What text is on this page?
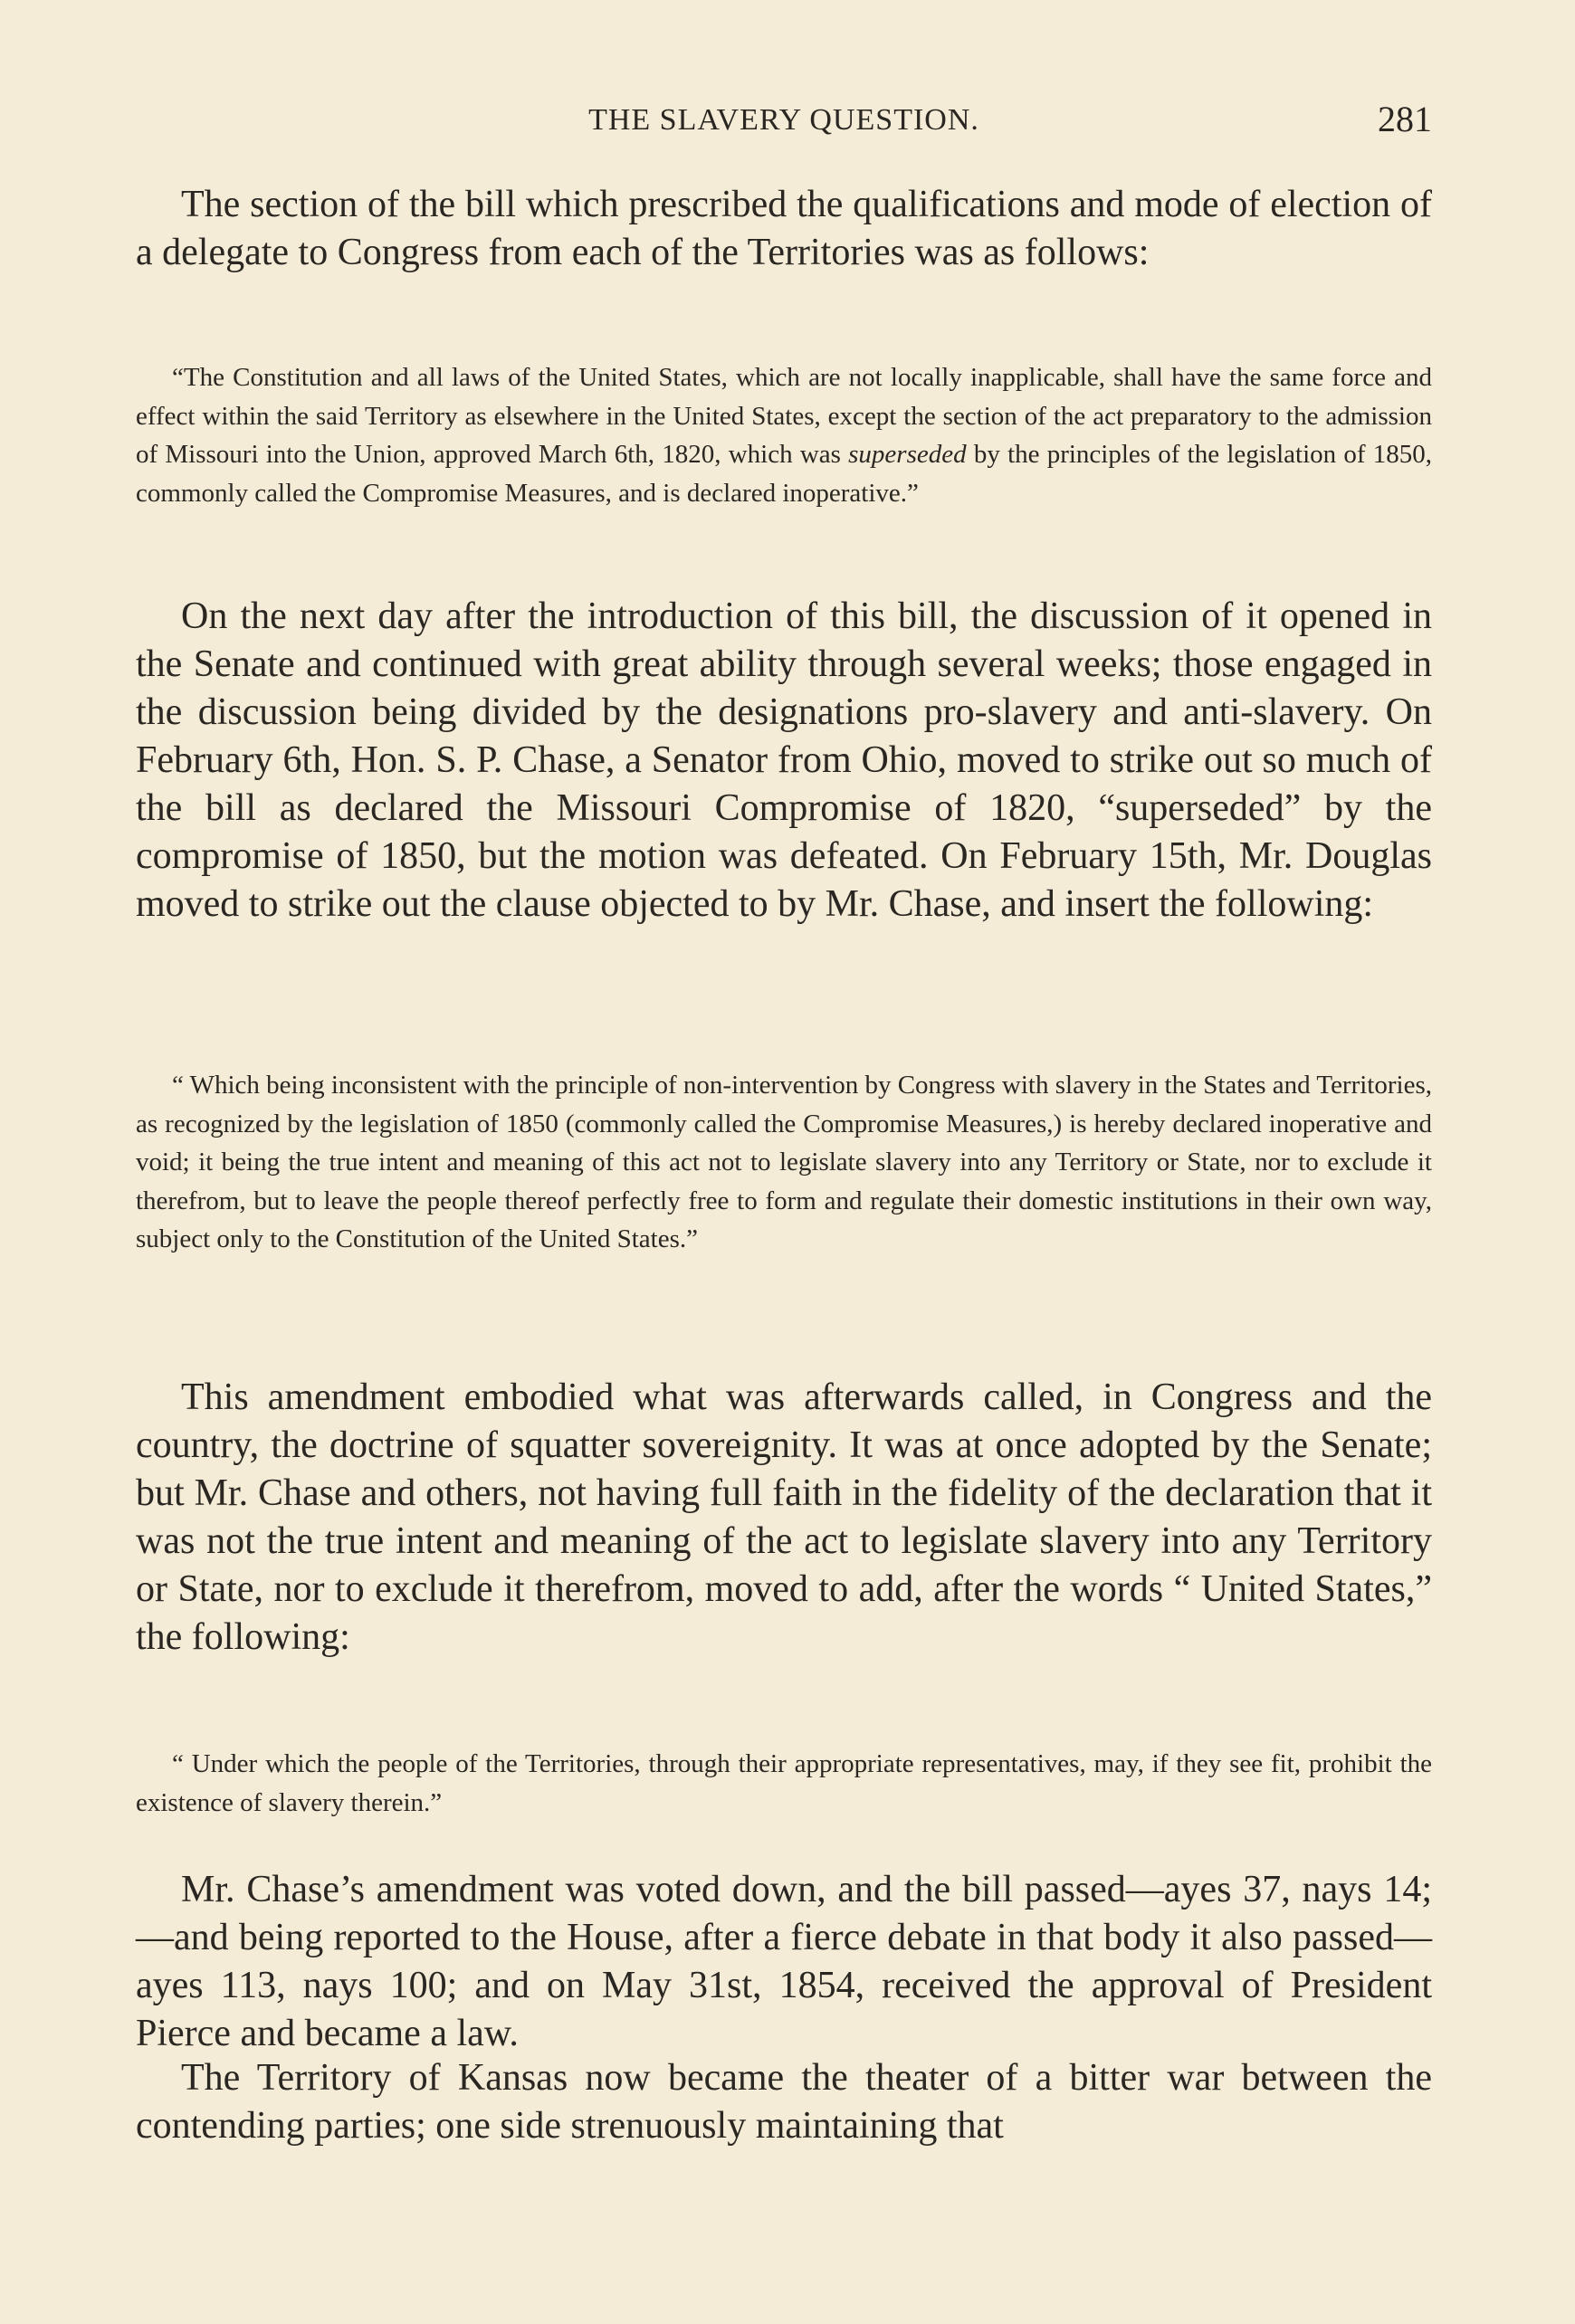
THE SLAVERY QUESTION.	281

The section of the bill which prescribed the qualifications and mode of election of a delegate to Congress from each of the Territories was as follows:

“The Constitution and all laws of the United States, which are not locally inapplicable, shall have the same force and effect within the said Territory as elsewhere in the United States, except the section of the act preparatory to the admission of Missouri into the Union, approved March 6th, 1820, which was superseded by the principles of the legislation of 1850, commonly called the Compromise Measures, and is declared inoperative.”

On the next day after the introduction of this bill, the discussion of it opened in the Senate and continued with great ability through several weeks; those engaged in the discussion being divided by the designations pro-slavery and anti-slavery. On February 6th, Hon. S. P. Chase, a Senator from Ohio, moved to strike out so much of the bill as declared the Missouri Compromise of 1820, “superseded” by the compromise of 1850, but the motion was defeated. On February 15th, Mr. Douglas moved to strike out the clause objected to by Mr. Chase, and insert the following:

“ Which being inconsistent with the principle of non-intervention by Congress with slavery in the States and Territories, as recognized by the legislation of 1850 (commonly called the Compromise Measures,) is hereby declared inoperative and void; it being the true intent and meaning of this act not to legislate slavery into any Territory or State, nor to exclude it therefrom, but to leave the people thereof perfectly free to form and regulate their domestic institutions in their own way, subject only to the Constitution of the United States.”

This amendment embodied what was afterwards called, in Congress and the country, the doctrine of squatter sovereignity. It was at once adopted by the Senate; but Mr. Chase and others, not having full faith in the fidelity of the declaration that it was not the true intent and meaning of the act to legislate slavery into any Territory or State, nor to exclude it therefrom, moved to add, after the words “ United States,” the following:

“ Under which the people of the Territories, through their appropriate representatives, may, if they see fit, prohibit the existence of slavery therein.”

Mr. Chase’s amendment was voted down, and the bill passed—ayes 37, nays 14;—and being reported to the House, after a fierce debate in that body it also passed—ayes 113, nays 100; and on May 31st, 1854, received the approval of President Pierce and became a law.

The Territory of Kansas now became the theater of a bitter war between the contending parties; one side strenuously maintaining that
